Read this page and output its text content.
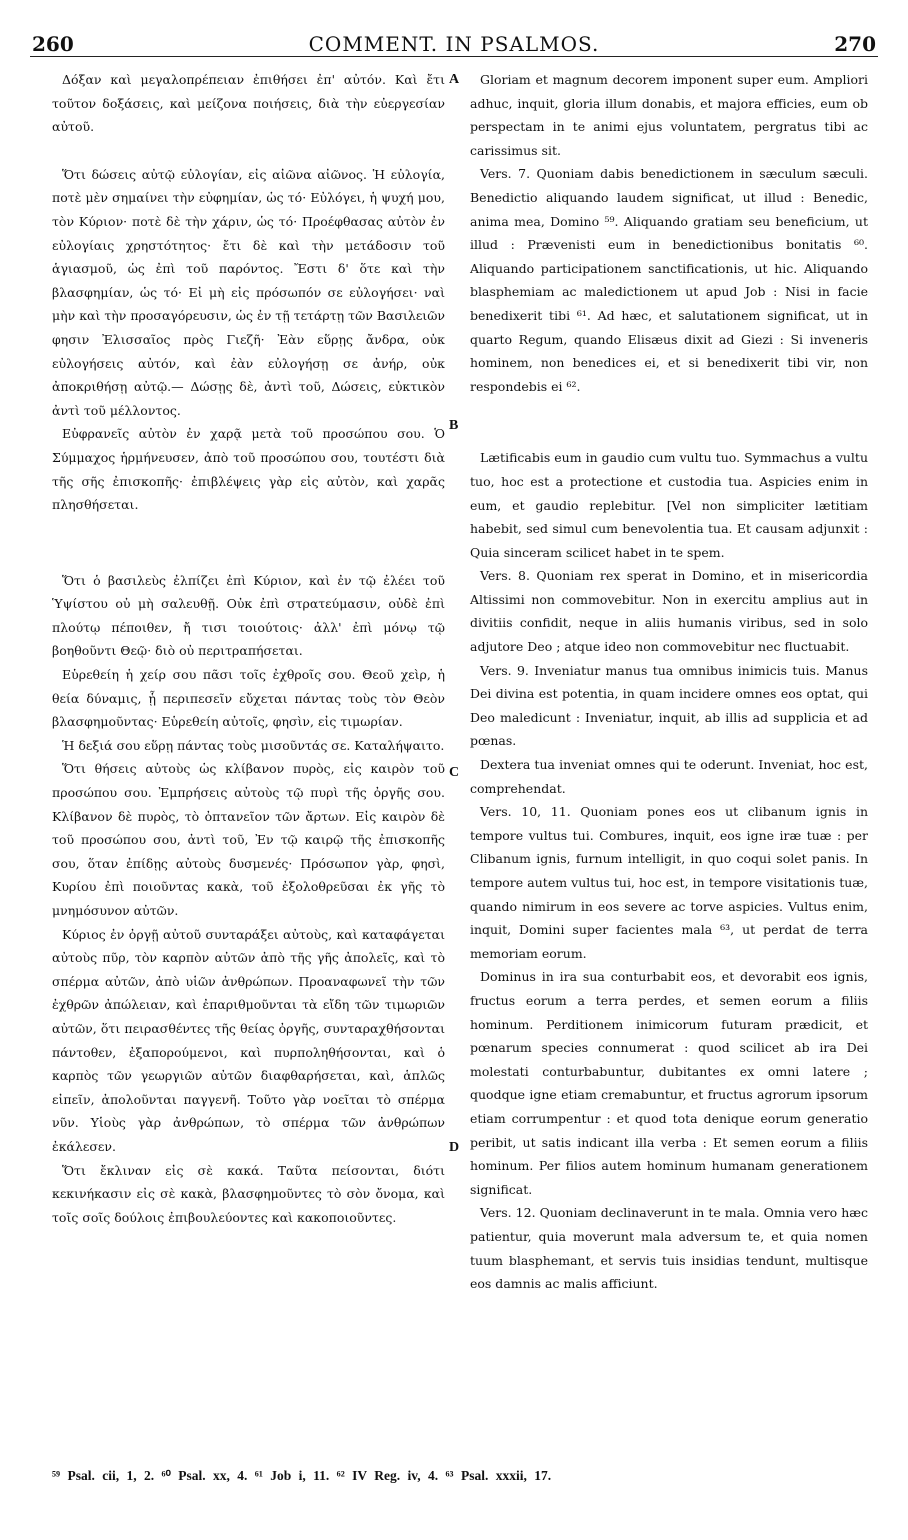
260	COMMENT. IN PSALMOS.	270

Δόξαν καὶ μεγαλοπρέπειαν ἐπιθήσει ἐπ' αὐτόν. Καὶ ἔτι τοῦτον δοξάσεις, καὶ μείζονα ποιήσεις, διὰ τὴν εὐεργεσίαν αὐτοῦ.

Ὅτι δώσεις αὐτῷ εὐλογίαν, εἰς αἰῶνα αἰῶνος. Ἡ εὐλογία, ποτὲ μὲν σημαίνει τὴν εὐφημίαν, ὡς τό· Εὐλόγει, ἡ ψυχή μου, τὸν Κύριον· ποτὲ δὲ τὴν χάριν, ὡς τό· Προέφθασας αὐτὸν ἐν εὐλογίαις χρηστότητος· ἔτι δὲ καὶ τὴν μετάδοσιν τοῦ ἁγιασμοῦ, ὡς ἐπὶ τοῦ παρόντος. Ἔστι δ' ὅτε καὶ τὴν βλασφημίαν, ὡς τό· Εἰ μὴ εἰς πρόσωπόν σε εὐλογήσει· ναὶ μὴν καὶ τὴν προσαγόρευσιν, ὡς ἐν τῇ τετάρτῃ τῶν Βασιλειῶν φησιν Ἐλισσαῖος πρὸς Γιεζῆ· Ἐὰν εὕρῃς ἄνδρα, οὐκ εὐλογήσεις αὐτόν, καὶ ἐὰν εὐλογήσῃ σε ἀνήρ, οὐκ ἀποκριθήσῃ αὐτῷ.— Δώσῃς δὲ, ἀντὶ τοῦ, Δώσεις, εὐκτικὸν ἀντὶ τοῦ μέλλοντος.

Εὐφρανεῖς αὐτὸν ἐν χαρᾷ μετὰ τοῦ προσώπου σου. Ὁ Σύμμαχος ἡρμήνευσεν, ἀπὸ τοῦ προσώπου σου, τουτέστι διὰ τῆς σῆς ἐπισκοπῆς· ἐπιβλέψεις γὰρ εἰς αὐτὸν, καὶ χαρᾶς πλησθήσεται.

Ὅτι ὁ βασιλεὺς ἐλπίζει ἐπὶ Κύριον, καὶ ἐν τῷ ἐλέει τοῦ Ὑψίστου οὐ μὴ σαλευθῇ. Οὐκ ἐπὶ στρατεύμασιν, οὐδὲ ἐπὶ πλούτῳ πέποιθεν, ἤ τισι τοιούτοις· ἀλλ' ἐπὶ μόνῳ τῷ βοηθοῦντι Θεῷ· διὸ οὐ περιτραπήσεται.

Εὑρεθείη ἡ χείρ σου πᾶσι τοῖς ἐχθροῖς σου. Θεοῦ χεὶρ, ἡ θεία δύναμις, ᾗ περιπεσεῖν εὔχεται πάντας τοὺς τὸν Θεὸν βλασφημοῦντας· Εὑρεθείη αὐτοῖς, φησὶν, εἰς τιμωρίαν.

Ἡ δεξιά σου εὕρῃ πάντας τοὺς μισοῦντάς σε. Καταλήψαιτο.

Ὅτι θήσεις αὐτοὺς ὡς κλίβανον πυρὸς, εἰς καιρὸν τοῦ προσώπου σου. Ἐμπρήσεις αὐτοὺς τῷ πυρὶ τῆς ὀργῆς σου. Κλίβανον δὲ πυρὸς, τὸ ὀπτανεῖον τῶν ἄρτων. Εἰς καιρὸν δὲ τοῦ προσώπου σου, ἀντὶ τοῦ, Ἐν τῷ καιρῷ τῆς ἐπισκοπῆς σου, ὅταν ἐπίδῃς αὐτοὺς δυσμενές· Πρόσωπον γὰρ, φησὶ, Κυρίου ἐπὶ ποιοῦντας κακὰ, τοῦ ἐξολοθρεῦσαι ἐκ γῆς τὸ μνημόσυνον αὐτῶν.

Κύριος ἐν ὀργῇ αὐτοῦ συνταράξει αὐτοὺς, καὶ καταφάγεται αὐτοὺς πῦρ, τὸν καρπὸν αὐτῶν ἀπὸ τῆς γῆς ἀπολεῖς, καὶ τὸ σπέρμα αὐτῶν, ἀπὸ υἱῶν ἀνθρώπων. Προαναφωνεῖ τὴν τῶν ἐχθρῶν ἀπώλειαν, καὶ ἐπαριθμοῦνται τὰ εἴδη τῶν τιμωριῶν αὐτῶν, ὅτι πειρασθέντες τῆς θείας ὀργῆς, συνταραχθήσονται πάντοθεν, ἐξαπορούμενοι, καὶ πυρποληθήσονται, καὶ ὁ καρπὸς τῶν γεωργιῶν αὐτῶν διαφθαρήσεται, καὶ, ἁπλῶς εἰπεῖν, ἀπολοῦνται παγγενῆ. Τοῦτο γὰρ νοεῖται τὸ σπέρμα νῦν. Υἱοὺς γὰρ ἀνθρώπων, τὸ σπέρμα τῶν ἀνθρώπων ἐκάλεσεν.

Ὅτι ἔκλιναν εἰς σὲ κακά. Ταῦτα πείσονται, διότι κεκινήκασιν εἰς σὲ κακὰ, βλασφημοῦντες τὸ σὸν ὄνομα, καὶ τοῖς σοῖς δούλοις ἐπιβουλεύοντες καὶ κακοποιοῦντες.

A
B
C
D

Gloriam et magnum decorem imponent super eum. Ampliori adhuc, inquit, gloria illum donabis, et majora efficies, eum ob perspectam in te animi ejus voluntatem, pergratus tibi ac carissimus sit.

Vers. 7. Quoniam dabis benedictionem in sæculum sæculi. Benedictio aliquando laudem significat, ut illud : Benedic, anima mea, Domino ⁵⁹. Aliquando gratiam seu beneficium, ut illud : Prævenisti eum in benedictionibus bonitatis ⁶⁰. Aliquando participationem sanctificationis, ut hic. Aliquando blasphemiam ac maledictionem ut apud Job : Nisi in facie benedixerit tibi ⁶¹. Ad hæc, et salutationem significat, ut in quarto Regum, quando Elisæus dixit ad Giezi : Si inveneris hominem, non benedices ei, et si benedixerit tibi vir, non respondebis ei ⁶².

Lætificabis eum in gaudio cum vultu tuo. Symmachus a vultu tuo, hoc est a protectione et custodia tua. Aspicies enim in eum, et gaudio replebitur. [Vel non simpliciter lætitiam habebit, sed simul cum benevolentia tua. Et causam adjunxit : Quia sinceram scilicet habet in te spem.

Vers. 8. Quoniam rex sperat in Domino, et in misericordia Altissimi non commovebitur. Non in exercitu amplius aut in divitiis confidit, neque in aliis humanis viribus, sed in solo adjutore Deo ; atque ideo non commovebitur nec fluctuabit.

Vers. 9. Inveniatur manus tua omnibus inimicis tuis. Manus Dei divina est potentia, in quam incidere omnes eos optat, qui Deo maledicunt : Inveniatur, inquit, ab illis ad supplicia et ad pœnas.

Dextera tua inveniat omnes qui te oderunt. Inveniat, hoc est, comprehendat.

Vers. 10, 11. Quoniam pones eos ut clibanum ignis in tempore vultus tui. Combures, inquit, eos igne iræ tuæ : per Clibanum ignis, furnum intelligit, in quo coqui solet panis. In tempore autem vultus tui, hoc est, in tempore visitationis tuæ, quando nimirum in eos severe ac torve aspicies. Vultus enim, inquit, Domini super facientes mala ⁶³, ut perdat de terra memoriam eorum.

Dominus in ira sua conturbabit eos, et devorabit eos ignis, fructus eorum a terra perdes, et semen eorum a filiis hominum. Perditionem inimicorum futuram prædicit, et pœnarum species connumerat : quod scilicet ab ira Dei molestati conturbabuntur, dubitantes ex omni latere ; quodque igne etiam cremabuntur, et fructus agrorum ipsorum etiam corrumpentur : et quod tota denique eorum generatio peribit, ut satis indicant illa verba : Et semen eorum a filiis hominum. Per filios autem hominum humanam generationem significat.

Vers. 12. Quoniam declinaverunt in te mala. Omnia vero hæc patientur, quia moverunt mala adversum te, et quia nomen tuum blasphemant, et servis tuis insidias tendunt, multisque eos damnis ac malis afficiunt.

⁵⁹ Psal. cii, 1, 2. ⁶⁰ Psal. xx, 4. ⁶¹ Job i, 11. ⁶² IV Reg. iv, 4. ⁶³ Psal. xxxii, 17.
